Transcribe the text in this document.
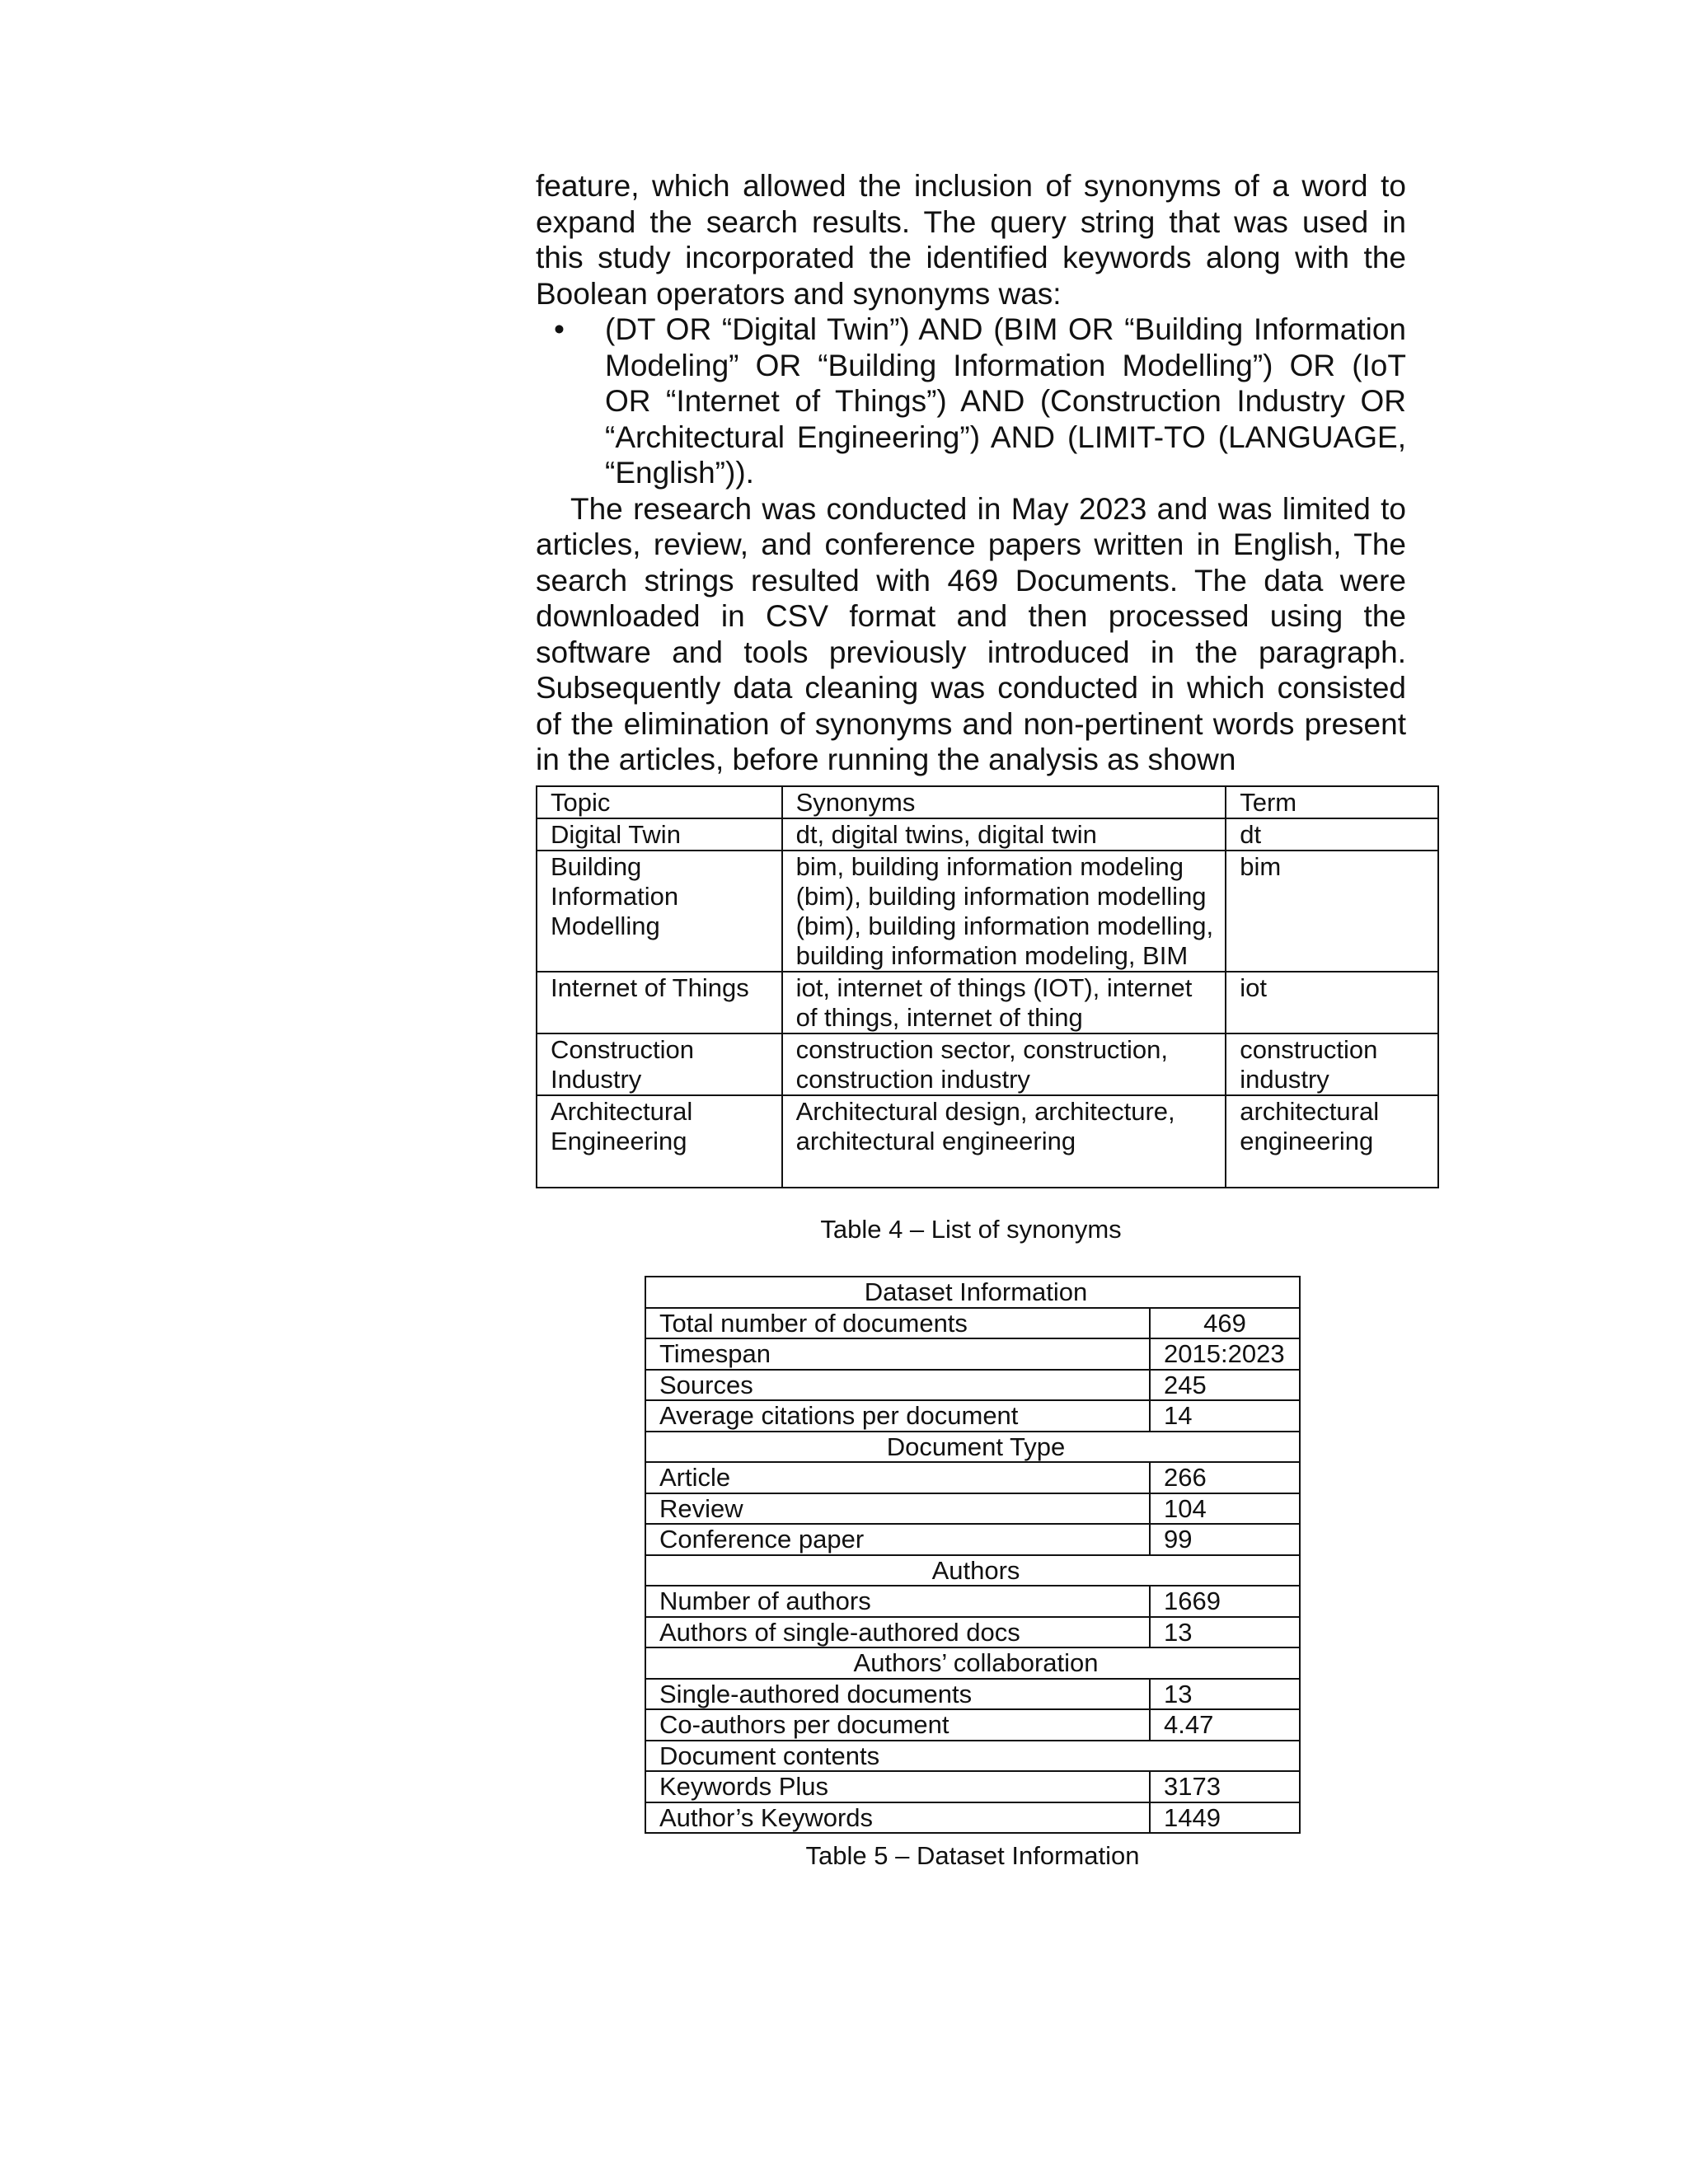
feature, which allowed the inclusion of synonyms of a word to expand the search results. The query string that was used in this study incorporated the identified keywords along with the Boolean operators and synonyms was:

• (DT OR “Digital Twin”) AND (BIM OR “Building Information Modeling” OR “Building Information Modelling”) OR (IoT OR “Internet of Things”) AND (Construction Industry OR “Architectural Engineering”) AND (LIMIT-TO (LANGUAGE, “English”)).

The research was conducted in May 2023 and was limited to articles, review, and conference papers written in English, The search strings resulted with 469 Documents. The data were downloaded in CSV format and then processed using the software and tools previously introduced in the paragraph. Subsequently data cleaning was conducted in which consisted of the elimination of synonyms and non-pertinent words present in the articles, before running the analysis as shown

Topic	Synonyms	Term
Digital Twin	dt, digital twins, digital twin	dt
Building Information Modelling	bim, building information modeling (bim), building information modelling (bim), building information modelling, building information modeling, BIM	bim
Internet of Things	iot, internet of things (IOT), internet of things, internet of thing	iot
Construction Industry	construction sector, construction, construction industry	construction industry
Architectural Engineering	Architectural design, architecture, architectural engineering	architectural engineering
Table 4 – List of synonyms
Dataset Information	
Total number of documents	469
Timespan	2015:2023
Sources	245
Average citations per document	14
Document Type	
Article	266
Review	104
Conference paper	99
Authors	
Number of authors	1669
Authors of single-authored docs	13
Authors’ collaboration	
Single-authored documents	13
Co-authors per document	4.47
Document contents	
Keywords Plus	3173
Author’s Keywords	1449
Table 5 – Dataset Information
